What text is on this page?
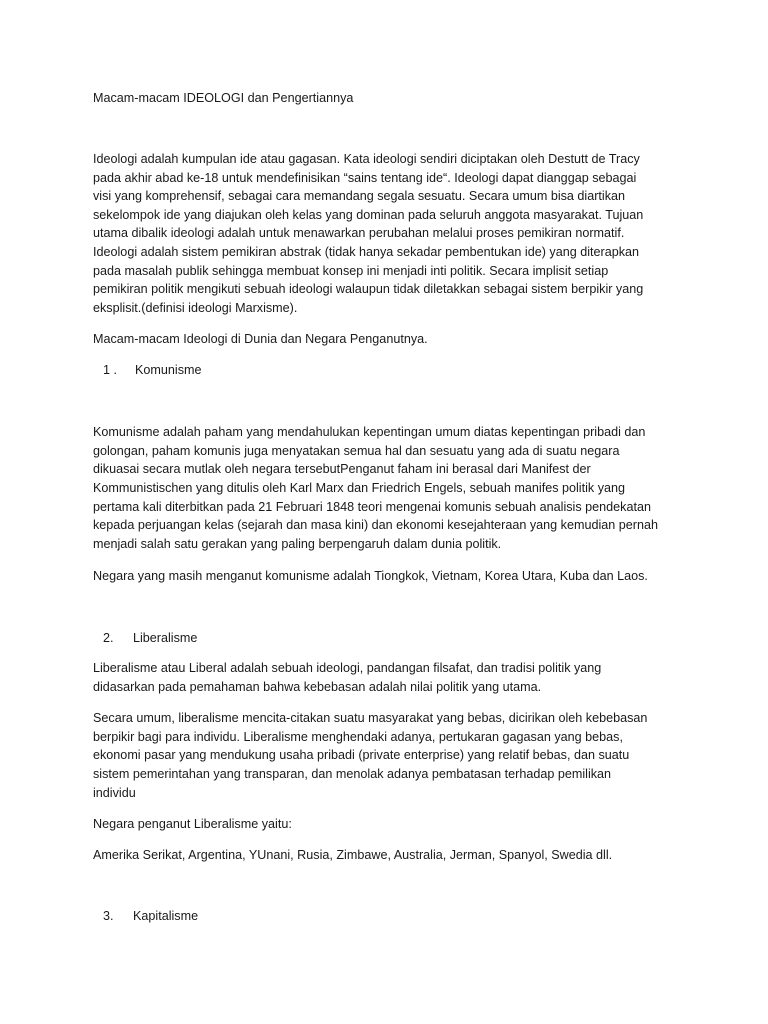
Macam-macam IDEOLOGI dan Pengertiannya
Ideologi adalah kumpulan ide atau gagasan. Kata ideologi sendiri diciptakan oleh Destutt de Tracy
pada akhir abad ke-18 untuk mendefinisikan “sains tentang ide“. Ideologi dapat dianggap sebagai
visi yang komprehensif, sebagai cara memandang segala sesuatu. Secara umum bisa diartikan
sekelompok ide yang diajukan oleh kelas yang dominan pada seluruh anggota masyarakat. Tujuan
utama dibalik ideologi adalah untuk menawarkan perubahan melalui proses pemikiran normatif.
Ideologi adalah sistem pemikiran abstrak (tidak hanya sekadar pembentukan ide) yang diterapkan
pada masalah publik sehingga membuat konsep ini menjadi inti politik. Secara implisit setiap
pemikiran politik mengikuti sebuah ideologi walaupun tidak diletakkan sebagai sistem berpikir yang
eksplisit.(definisi ideologi Marxisme).
Macam-macam Ideologi di Dunia dan Negara Penganutnya.
1 . Komunisme
Komunisme adalah paham yang mendahulukan kepentingan umum diatas kepentingan pribadi dan
golongan, paham komunis juga menyatakan semua hal dan sesuatu yang ada di suatu negara
dikuasai secara mutlak oleh negara tersebutPenganut faham ini berasal dari Manifest der
Kommunistischen yang ditulis oleh Karl Marx dan Friedrich Engels, sebuah manifes politik yang
pertama kali diterbitkan pada 21 Februari 1848 teori mengenai komunis sebuah analisis pendekatan
kepada perjuangan kelas (sejarah dan masa kini) dan ekonomi kesejahteraan yang kemudian pernah
menjadi salah satu gerakan yang paling berpengaruh dalam dunia politik.
Negara yang masih menganut komunisme adalah Tiongkok, Vietnam, Korea Utara, Kuba dan Laos.
2. Liberalisme
Liberalisme atau Liberal adalah sebuah ideologi, pandangan filsafat, dan tradisi politik yang
didasarkan pada pemahaman bahwa kebebasan adalah nilai politik yang utama.
Secara umum, liberalisme mencita-citakan suatu masyarakat yang bebas, dicirikan oleh kebebasan
berpikir bagi para individu. Liberalisme menghendaki adanya, pertukaran gagasan yang bebas,
ekonomi pasar yang mendukung usaha pribadi (private enterprise) yang relatif bebas, dan suatu
sistem pemerintahan yang transparan, dan menolak adanya pembatasan terhadap pemilikan
individu
Negara penganut Liberalisme yaitu:
Amerika Serikat, Argentina, YUnani, Rusia, Zimbawe, Australia, Jerman, Spanyol, Swedia dll.
3. Kapitalisme
